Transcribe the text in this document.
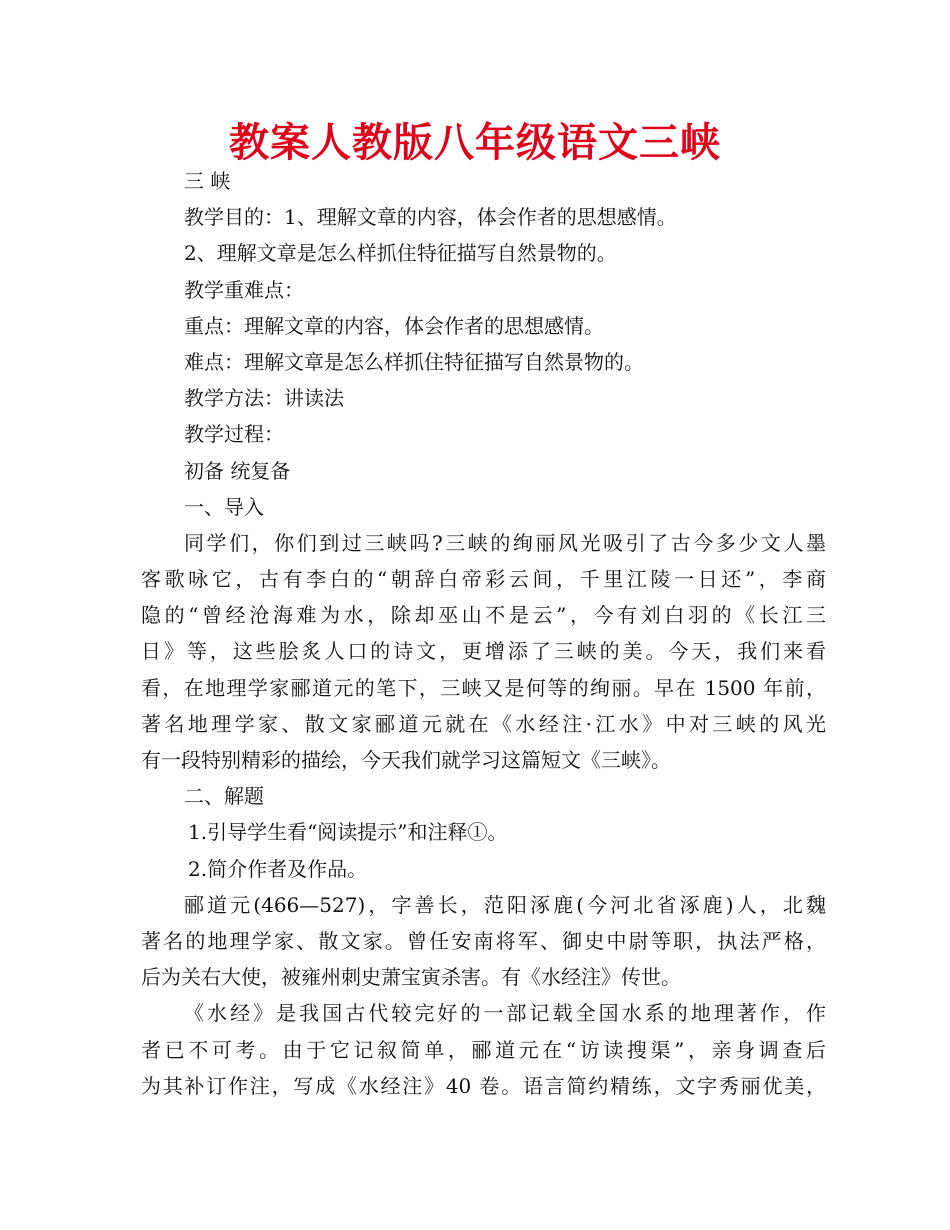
教案人教版八年级语文三峡
三 峡
教学目的：1、理解文章的内容，体会作者的思想感情。
2、理解文章是怎么样抓住特征描写自然景物的。
教学重难点：
重点：理解文章的内容，体会作者的思想感情。
难点：理解文章是怎么样抓住特征描写自然景物的。
教学方法：讲读法
教学过程：
初备 统复备
一、导入
同学们，你们到过三峡吗?三峡的绚丽风光吸引了古今多少文人墨
客歌咏它，古有李白的“朝辞白帝彩云间，千里江陵一日还”，李商
隐的“曾经沧海难为水，除却巫山不是云”，今有刘白羽的《长江三
日》等，这些脍炙人口的诗文，更增添了三峡的美。今天，我们来看
看，在地理学家郦道元的笔下，三峡又是何等的绚丽。早在 1500 年前，
著名地理学家、散文家郦道元就在《水经注·江水》中对三峡的风光
有一段特别精彩的描绘，今天我们就学习这篇短文《三峡》。
二、解题
1.引导学生看“阅读提示”和注释①。
2.简介作者及作品。
郦道元(466—527)，字善长，范阳涿鹿(今河北省涿鹿)人，北魏
著名的地理学家、散文家。曾任安南将军、御史中尉等职，执法严格，
后为关右大使，被雍州刺史萧宝寅杀害。有《水经注》传世。
《水经》是我国古代较完好的一部记载全国水系的地理著作，作
者已不可考。由于它记叙简单，郦道元在“访读搜渠”，亲身调查后
为其补订作注，写成《水经注》40 卷。语言简约精练，文字秀丽优美，
